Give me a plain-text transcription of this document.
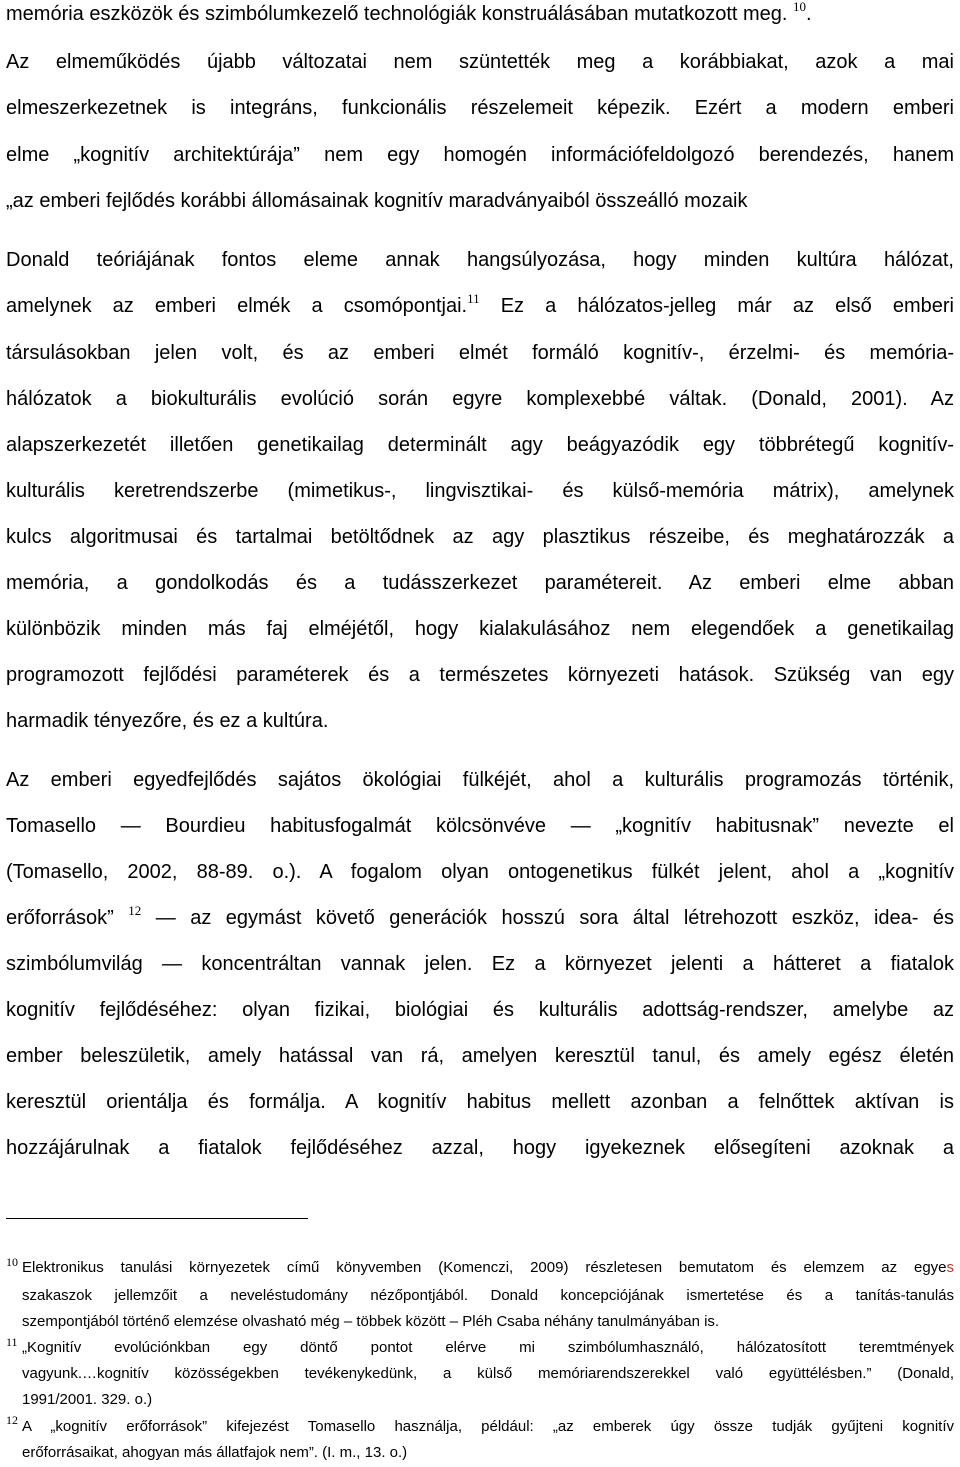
memória eszközök és szimbólumkezelő technológiák konstruálásában mutatkozott meg. $^{10}$.

Az elmeműködés újabb változatai nem szüntették meg a korábbiakat, azok a mai

elmeszerkezetnek is integráns, funkcionális részelemeit képezik. Ezért a modern emberi

elme „kognitív architektúrája” nem egy homogén információfeldolgozó berendezés, hanem

„az emberi fejlődés korábbi állomásainak kognitív maradványaiból összeálló mozaik

Donald teóriájának fontos eleme annak hangsúlyozása, hogy minden kultúra hálózat,

amelynek az emberi elmék a csomópontjai.$^{11}$ Ez a hálózatos-jelleg már az első emberi

társulásokban jelen volt, és az emberi elmét formáló kognitív-, érzelmi- és memória-

hálózatok a biokulturális evolúció során egyre komplexebbé váltak. (Donald, 2001). Az

alapszerkezetét illetően genetikailag determinált agy beágyazódik egy többrétegű kognitív-

kulturális keretrendszerbe (mimetikus-, lingvisztikai- és külső-memória mátrix), amelynek

kulcs algoritmusai és tartalmai betöltődnek az agy plasztikus részeibe, és meghatározzák a

memória, a gondolkodás és a tudásszerkezet paramétereit. Az emberi elme abban

különbözik minden más faj elméjétől, hogy kialakulásához nem elegendőek a genetikailag

programozott fejlődési paraméterek és a természetes környezeti hatások. Szükség van egy

harmadik tényezőre, és ez a kultúra.

Az emberi egyedfejlődés sajátos ökológiai fülkéjét, ahol a kulturális programozás történik,

Tomasello — Bourdieu habitusfogalmát kölcsönvéve — „kognitív habitusnak” nevezte el

(Tomasello, 2002, 88-89. o.). A fogalom olyan ontogenetikus fülkét jelent, ahol a „kognitív

erőforrások” $^{12}$ — az egymást követő generációk hosszú sora által létrehozott eszköz, idea- és

szimbólumvilág — koncentráltan vannak jelen. Ez a környezet jelenti a hátteret a fiatalok

kognitív fejlődéséhez: olyan fizikai, biológiai és kulturális adottság-rendszer, amelybe az

ember beleszületik, amely hatással van rá, amelyen keresztül tanul, és amely egész életén

keresztül orientálja és formálja. A kognitív habitus mellett azonban a felnőttek aktívan is

hozzájárulnak a fiatalok fejlődéséhez azzal, hogy igyekeznek elősegíteni azoknak a

10 Elektronikus tanulási környezetek című könyvemben (Komenczi, 2009) részletesen bemutatom és elemzem az egyes

szakaszok jellemzőit a neveléstudomány nézőpontjából. Donald koncepciójának ismertetése és a tanítás-tanulás

szempontjából történő elemzése olvasható még – többek között – Pléh Csaba néhány tanulmányában is.

11 „Kognitív evolúciónkban egy döntő pontot elérve mi szimbólumhasználó, hálózatosított teremtmények

vagyunk.…kognitív közösségekben tevékenykedünk, a külső memóriarendszerekkel való együttélésben.” (Donald,

1991/2001. 329. o.)

12 A „kognitív erőforrások” kifejezést Tomasello használja, például: „az emberek úgy össze tudják gyűjteni kognitív

erőforrásaikat, ahogyan más állatfajok nem”. (I. m., 13. o.)
